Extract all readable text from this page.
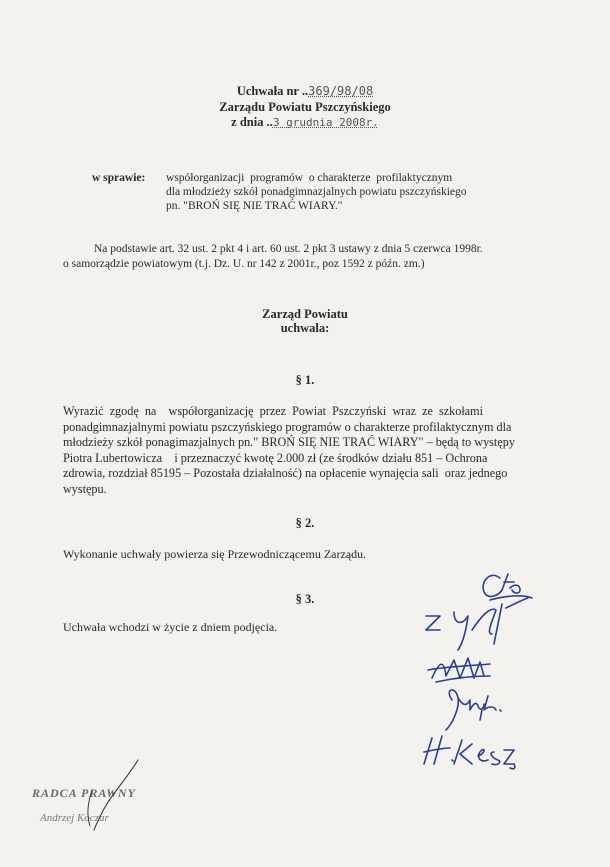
Uchwała nr ..369/98/08
Zarządu Powiatu Pszczyńskiego
z dnia ..3 grudnia 2008r.
w sprawie: współorganizacji  programów  o charakterze  profilaktycznym
dla młodzieży szkół ponadgimnazjalnych powiatu pszczyńskiego
pn. "BROŃ SIĘ NIE TRAĆ WIARY."
Na podstawie art. 32 ust. 2 pkt 4 i art. 60 ust. 2 pkt 3 ustawy z dnia 5 czerwca 1998r.
o samorządzie powiatowym (t.j. Dz. U. nr 142 z 2001r., poz 1592 z późn. zm.)
Zarząd Powiatu
uchwala:
§ 1.
Wyrazić  zgodę  na    współorganizację  przez  Powiat  Pszczyński  wraz  ze  szkołami
ponadgimnazjalnymi powiatu pszczyńskiego programów o charakterze profilaktycznym dla
młodzieży szkół ponagimazjalnych pn." BROŃ SIĘ NIE TRAĆ WIARY" – będą to występy
Piotra Lubertowicza    i przeznaczyć kwotę 2.000 zł (ze środków działu 851 – Ochrona
zdrowia, rozdział 85195 – Pozostała działalność) na opłacenie wynajęcia sali  oraz jednego
występu.
§ 2.
Wykonanie uchwały powierza się Przewodniczącemu Zarządu.
§ 3.
Uchwała wchodzi w życie z dniem podjęcia.
RADCA PRAWNY
Andrzej Koczar
